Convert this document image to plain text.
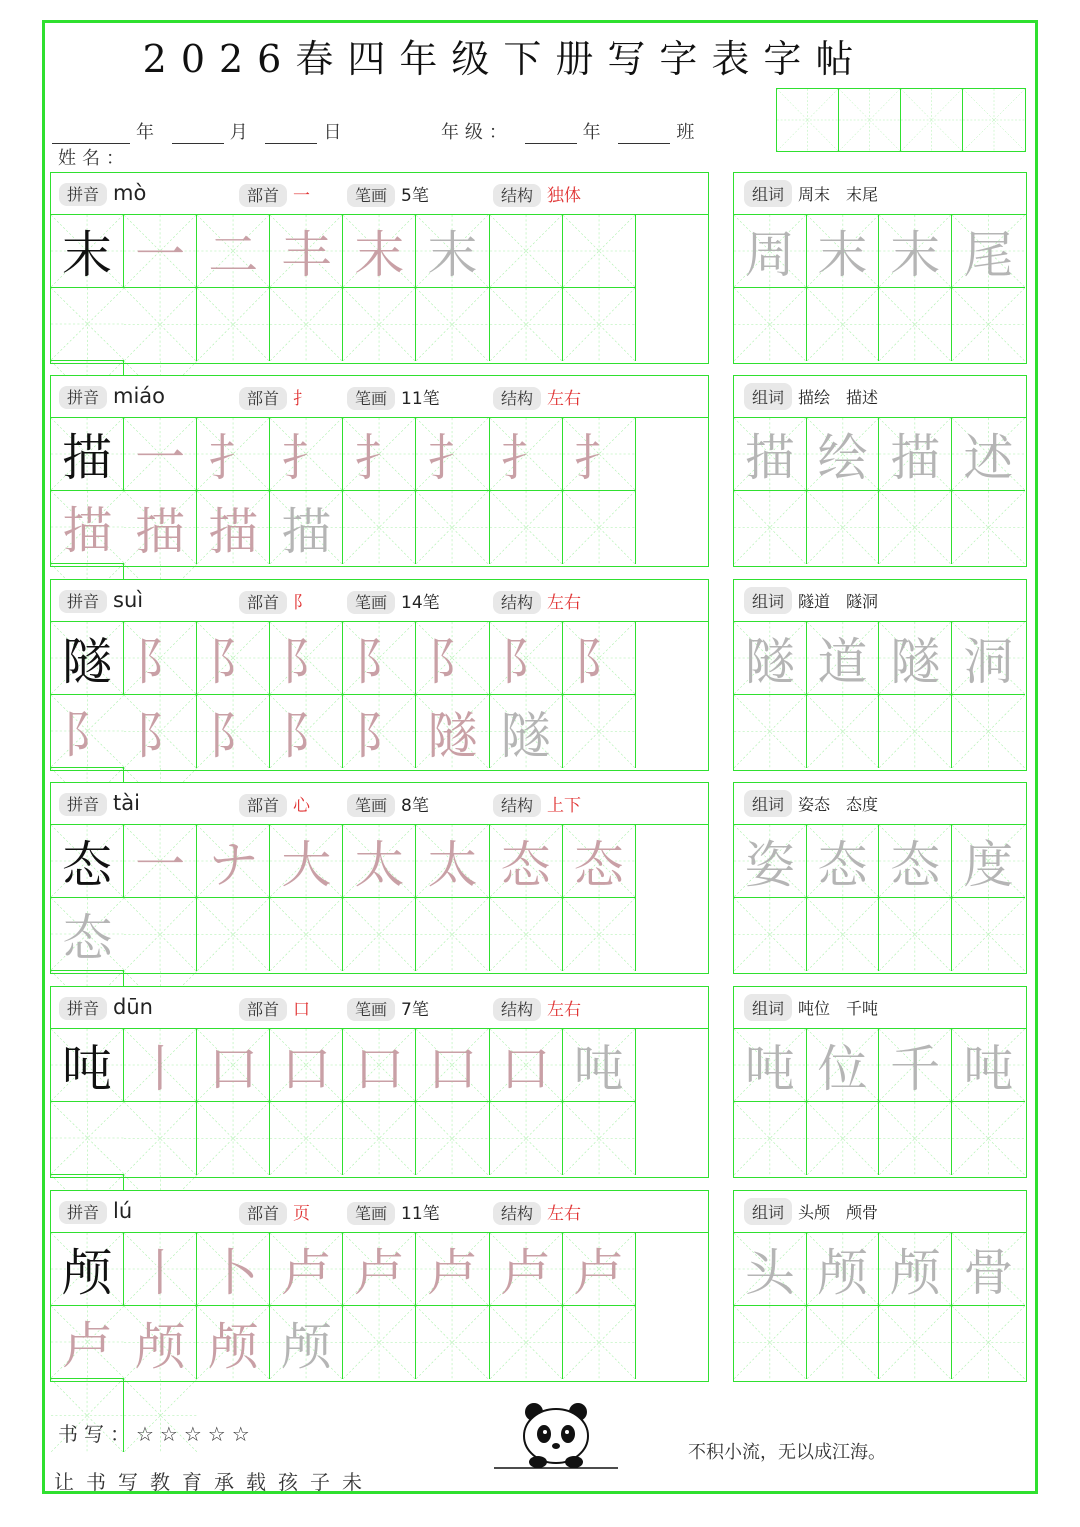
2026春四年级下册写字表字帖
年	月	日	年级：	年	班  姓名：
拼音 mò	部首 一	笔画 5笔	结构 独体
末 一 二 丰 末 末
组词 周末　末尾
周 末 末 尾
拼音 miáo	部首 扌	笔画 11笔	结构 左右
描 一 扌 扌 扌 扌 扌 扌
描 描 描 描
组词 描绘　描述
描 绘 描 述
拼音 suì	部首 阝	笔画 14笔	结构 左右
隧 阝 阝 阝 阝 阝 阝 阝
阝 阝 阝 阝 阝 隧 隧
组词 隧道　隧洞
隧 道 隧 洞
拼音 tài	部首 心	笔画 8笔	结构 上下
态 一 ナ 大 太 太 态 态
态
组词 姿态　态度
姿 态 态 度
拼音 dūn	部首 口	笔画 7笔	结构 左右
吨 丨 口 口 口 口 口 吨
组词 吨位　千吨
吨 位 千 吨
拼音 lú	部首 页	笔画 11笔	结构 左右
颅 丨 卜 卢 卢 卢 卢 卢
卢 颅 颅 颅
组词 头颅　颅骨
头 颅 颅 骨
书写：☆☆☆☆☆
让书写教育承载孩子未
不积小流，无以成江海。
